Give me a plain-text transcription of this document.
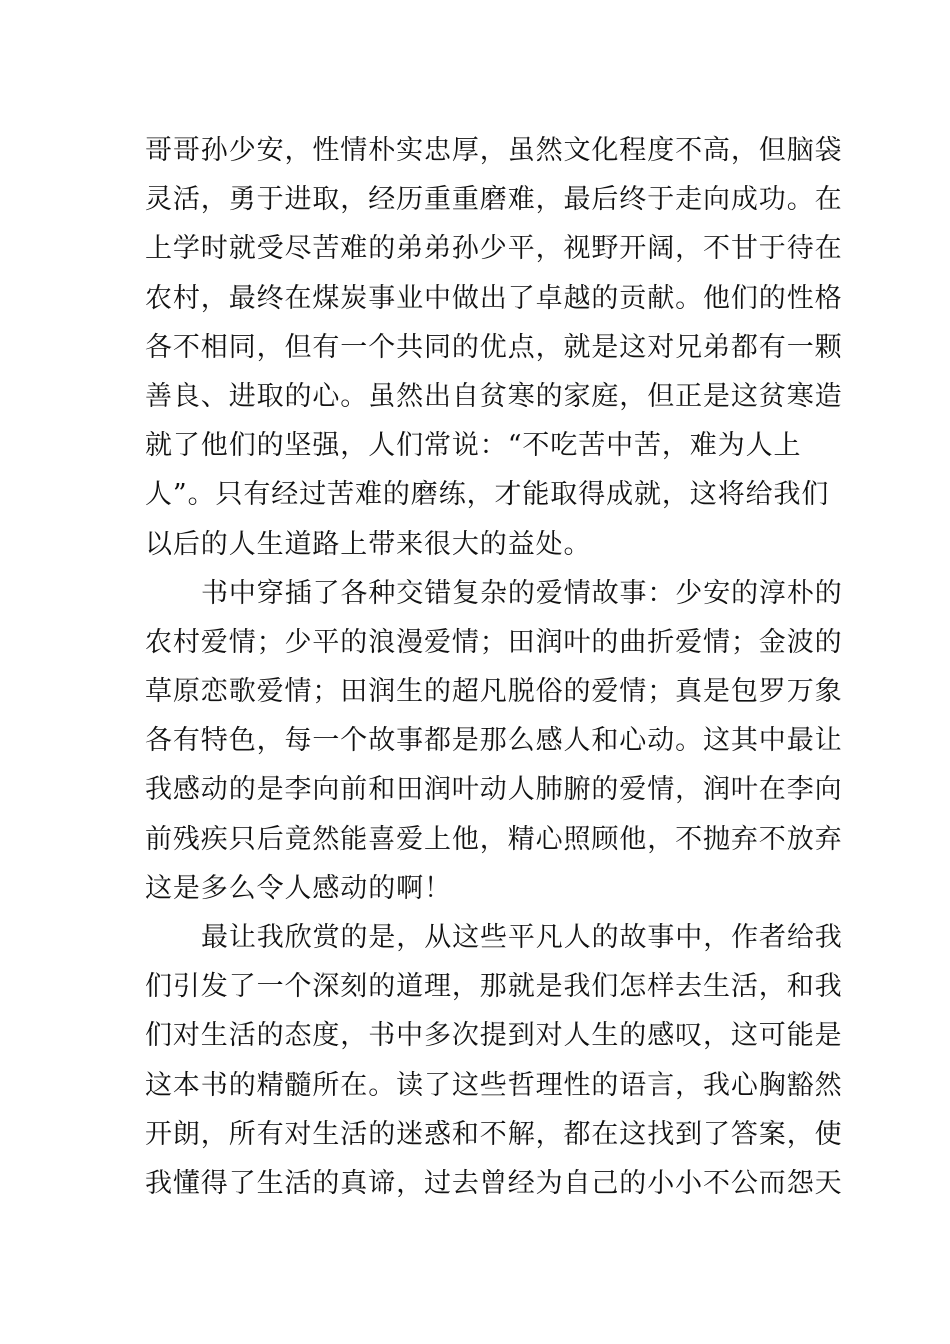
哥哥孙少安，性情朴实忠厚，虽然文化程度不高，但脑袋
灵活，勇于进取，经历重重磨难，最后终于走向成功。在
上学时就受尽苦难的弟弟孙少平，视野开阔，不甘于待在
农村，最终在煤炭事业中做出了卓越的贡献。他们的性格
各不相同，但有一个共同的优点，就是这对兄弟都有一颗
善良、进取的心。虽然出自贫寒的家庭，但正是这贫寒造
就了他们的坚强，人们常说：“不吃苦中苦，难为人上
人”。只有经过苦难的磨练，才能取得成就，这将给我们
以后的人生道路上带来很大的益处。
书中穿插了各种交错复杂的爱情故事：少安的淳朴的
农村爱情；少平的浪漫爱情；田润叶的曲折爱情；金波的
草原恋歌爱情；田润生的超凡脱俗的爱情；真是包罗万象
各有特色，每一个故事都是那么感人和心动。这其中最让
我感动的是李向前和田润叶动人肺腑的爱情，润叶在李向
前残疾只后竟然能喜爱上他，精心照顾他，不抛弃不放弃
这是多么令人感动的啊！
最让我欣赏的是，从这些平凡人的故事中，作者给我
们引发了一个深刻的道理，那就是我们怎样去生活，和我
们对生活的态度，书中多次提到对人生的感叹，这可能是
这本书的精髓所在。读了这些哲理性的语言，我心胸豁然
开朗，所有对生活的迷惑和不解，都在这找到了答案，使
我懂得了生活的真谛，过去曾经为自己的小小不公而怨天
